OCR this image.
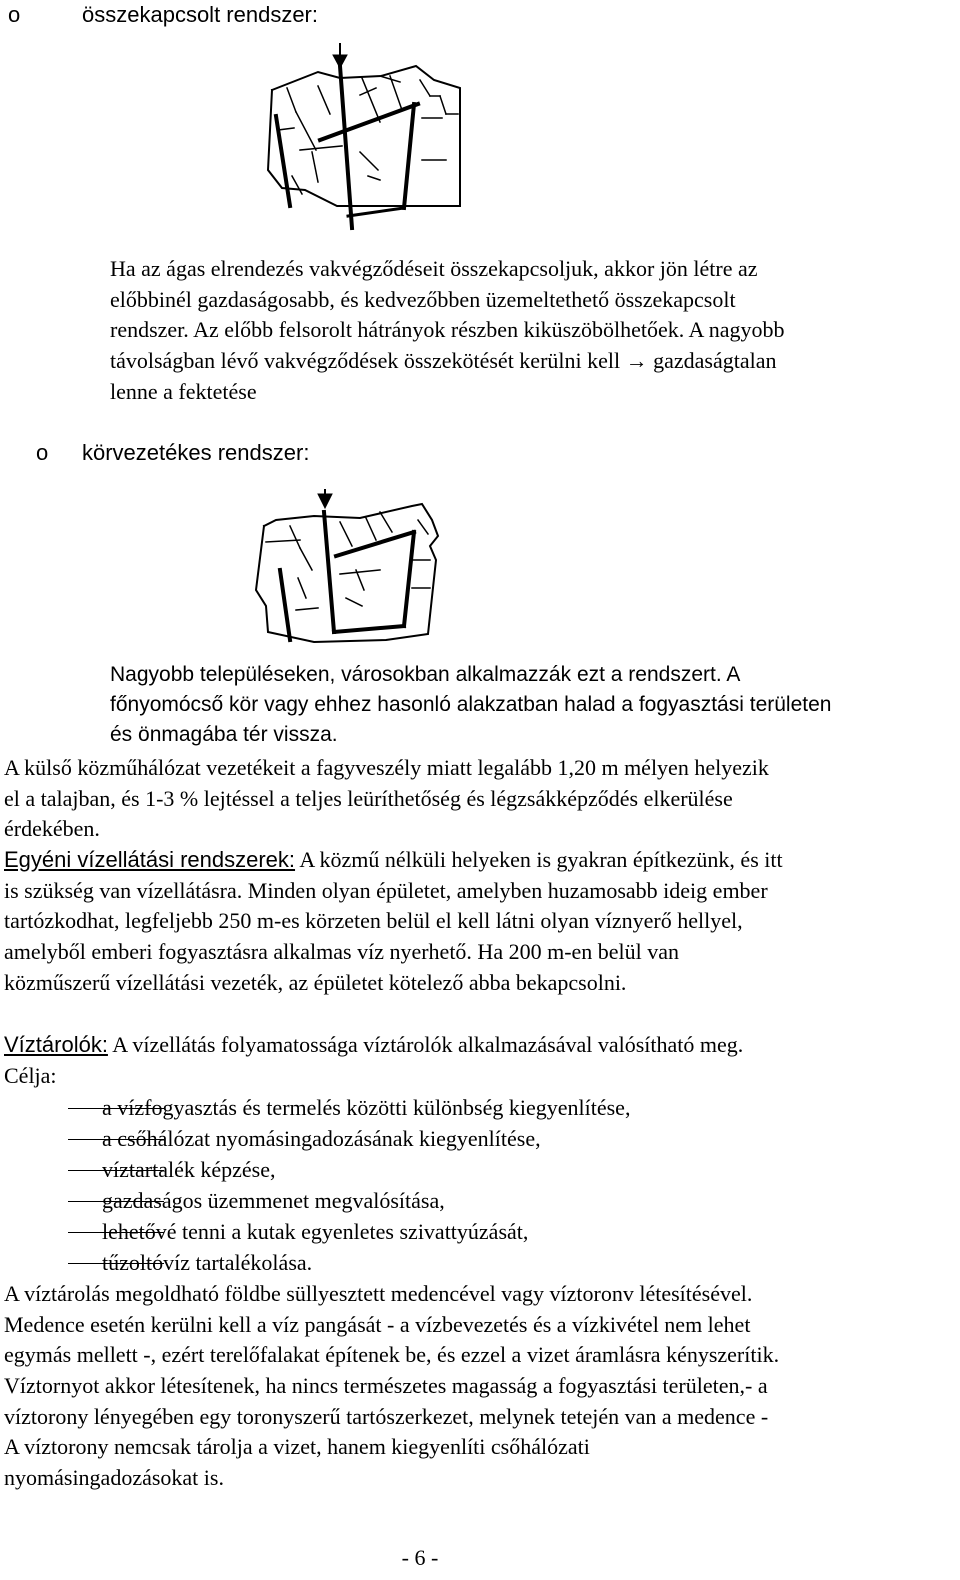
o	összekapcsolt rendszer:
Ha az ágas elrendezés vakvégződéseit összekapcsoljuk, akkor jön létre az
előbbinél gazdaságosabb, és kedvezőbben üzemeltethető összekapcsolt
rendszer. Az előbb felsorolt hátrányok részben kiküszöbölhetőek. A nagyobb
távolságban lévő vakvégződések összekötését kerülni kell → gazdaságtalan
lenne a fektetése
o körvezetékes rendszer:
Nagyobb településeken, városokban alkalmazzák ezt a rendszert. A
főnyomócső kör vagy ehhez hasonló alakzatban halad a fogyasztási területen
és önmagába tér vissza.
A külső közműhálózat vezetékeit a fagyveszély miatt legalább 1,20 m mélyen helyezik
el a talajban, és 1-3 % lejtéssel a teljes leüríthetőség és légzsákképződés elkerülése
érdekében.
Egyéni vízellátási rendszerek: A közmű nélküli helyeken is gyakran építkezünk, és itt
is szükség van vízellátásra. Minden olyan épületet, amelyben huzamosabb ideig ember
tartózkodhat, legfeljebb 250 m-es körzeten belül el kell látni olyan víznyerő hellyel,
amelyből emberi fogyasztásra alkalmas víz nyerhető. Ha 200 m-en belül van
közműszerű vízellátási vezeték, az épületet kötelező abba bekapcsolni.
Víztárolók: A vízellátás folyamatossága víztárolók alkalmazásával valósítható meg.
Célja:
a vízfogyasztás és termelés közötti különbség kiegyenlítése,
a csőhálózat nyomásingadozásának kiegyenlítése,
víztartalék képzése,
gazdaságos üzemmenet megvalósítása,
lehetővé tenni a kutak egyenletes szivattyúzását,
tűzoltóvíz tartalékolása.
A víztárolás megoldható földbe süllyesztett medencével vagy víztoronv létesítésével.
Medence esetén kerülni kell a víz pangását - a vízbevezetés és a vízkivétel nem lehet
egymás mellett -, ezért terelőfalakat építenek be, és ezzel a vizet áramlásra kényszerítik.
Víztornyot akkor létesítenek, ha nincs természetes magasság a fogyasztási területen,- a
víztorony lényegében egy toronyszerű tartószerkezet, melynek tetején van a medence -
A víztorony nemcsak tárolja a vizet, hanem kiegyenlíti csőhálózati
nyomásingadozásokat is.
- 6 -
